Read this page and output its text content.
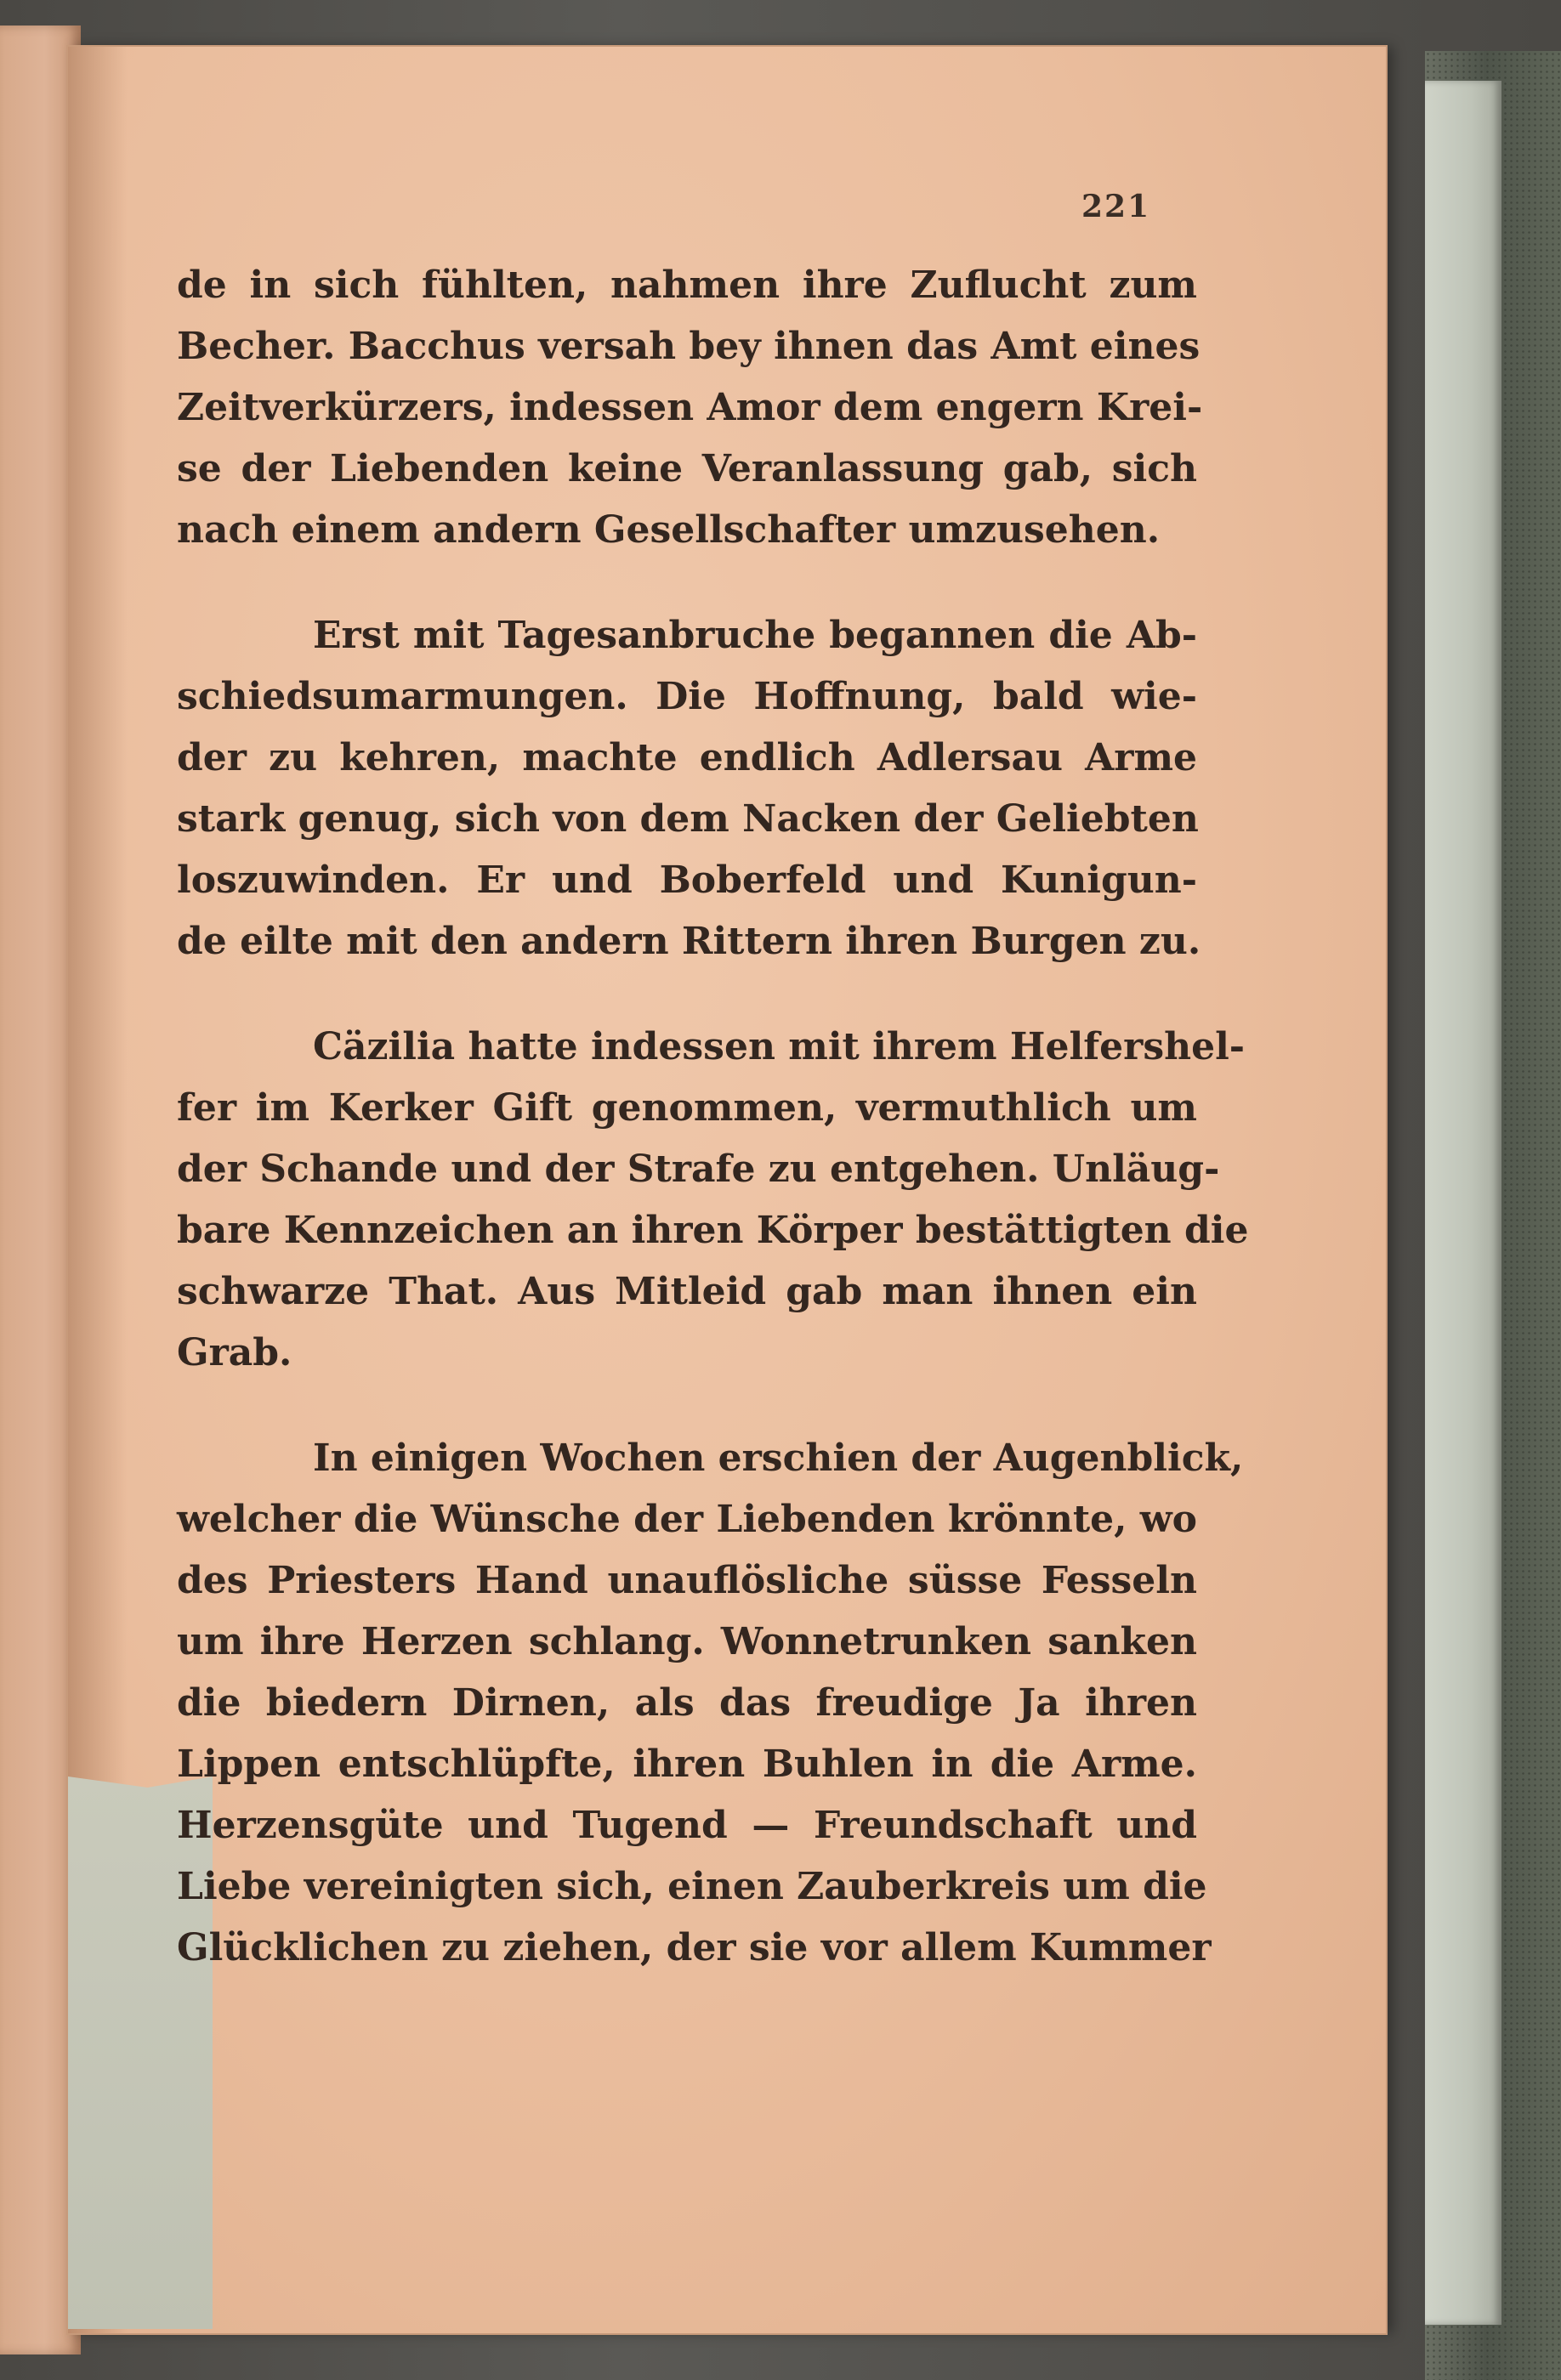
221
de in sich fühlten, nahmen ihre Zuflucht zum
Becher. Bacchus versah bey ihnen das Amt eines
Zeitverkürzers, indessen Amor dem engern Krei-
se der Liebenden keine Veranlassung gab, sich
nach einem andern Gesellschafter umzusehen.
Erst mit Tagesanbruche begannen die Ab-
schiedsumarmungen. Die Hoffnung, bald wie-
der zu kehren, machte endlich Adlersau Arme
stark genug, sich von dem Nacken der Geliebten
loszuwinden. Er und Boberfeld und Kunigun-
de eilte mit den andern Rittern ihren Burgen zu.
Cäzilia hatte indessen mit ihrem Helfershel-
fer im Kerker Gift genommen, vermuthlich um
der Schande und der Strafe zu entgehen. Unläug-
bare Kennzeichen an ihren Körper bestättigten die
schwarze That. Aus Mitleid gab man ihnen ein
Grab.
In einigen Wochen erschien der Augenblick,
welcher die Wünsche der Liebenden krönnte, wo
des Priesters Hand unauflösliche süsse Fesseln
um ihre Herzen schlang. Wonnetrunken sanken
die biedern Dirnen, als das freudige Ja ihren
Lippen entschlüpfte, ihren Buhlen in die Arme.
Herzensgüte und Tugend — Freundschaft und
Liebe vereinigten sich, einen Zauberkreis um die
Glücklichen zu ziehen, der sie vor allem Kummer
